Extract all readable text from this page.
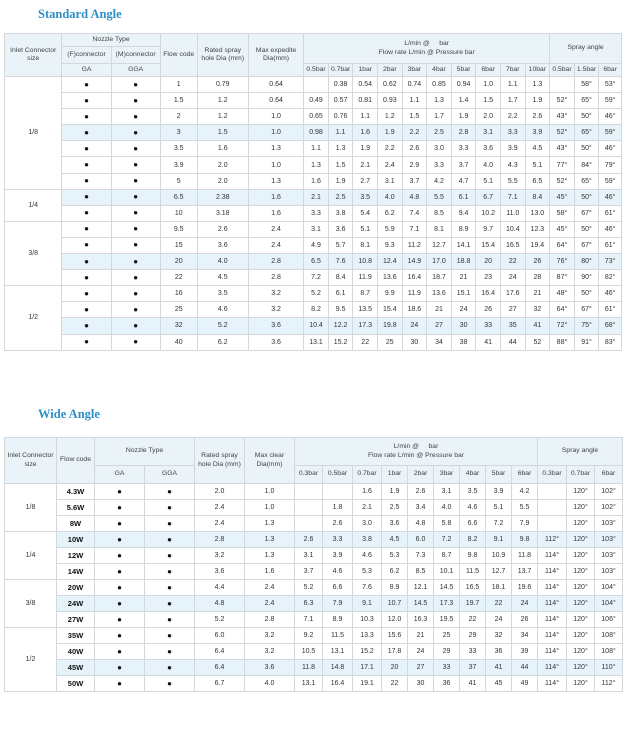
Standard Angle
Inlet Connector size	Nozzle Type		Flow code	Rated spray hole Dia (mm)	Max expedite Dia(mm)	L/min @     bar
Flow rate L/min @ Pressure bar										Spray angle		
	(F)connector	(M)connector																
	GA	GGA				0.5bar	0.7bar	1bar	2bar	3bar	4bar	5bar	6bar	7bar	10bar	0.5bar	1.5bar	6bar
1/8	●	●	1	0.79	0.64		0.38	0.54	0.62	0.74	0.85	0.94	1.0	1.1	1.3		58°	53°
	●	●	1.5	1.2	0.64	0.49	0.57	0.81	0.93	1.1	1.3	1.4	1.5	1.7	1.9	52°	65°	59°
	●	●	2	1.2	1.0	0.65	0.76	1.1	1.2	1.5	1.7	1.9	2.0	2.2	2.6	43°	50°	46°
	●	●	3	1.5	1.0	0.98	1.1	1.6	1.9	2.2	2.5	2.8	3.1	3.3	3.9	52°	65°	59°
	●	●	3.5	1.6	1.3	1.1	1.3	1.9	2.2	2.6	3.0	3.3	3.6	3.9	4.5	43°	50°	46°
	●	●	3.9	2.0	1.0	1.3	1.5	2.1	2.4	2.9	3.3	3.7	4.0	4.3	5.1	77°	84°	79°
	●	●	5	2.0	1.3	1.6	1.9	2.7	3.1	3.7	4.2	4.7	5.1	5.5	6.5	52°	65°	59°
1/4	●	●	6.5	2.38	1.6	2.1	2.5	3.5	4.0	4.8	5.5	6.1	6.7	7.1	8.4	45°	50°	46°
	●	●	10	3.18	1.6	3.3	3.8	5.4	6.2	7.4	8.5	9.4	10.2	11.0	13.0	58°	67°	61°
3/8	●	●	9.5	2.6	2.4	3.1	3.6	5.1	5.9	7.1	8.1	8.9	9.7	10.4	12.3	45°	50°	46°
	●	●	15	3.6	2.4	4.9	5.7	8.1	9.3	11.2	12.7	14.1	15.4	16.5	19.4	64°	67°	61°
	●	●	20	4.0	2.8	6.5	7.6	10.8	12.4	14.9	17.0	18.8	20	22	26	76°	80°	73°
	●	●	22	4.5	2.8	7.2	8.4	11.9	13.6	16.4	18.7	21	23	24	28	87°	90°	82°
1/2	●	●	16	3.5	3.2	5.2	6.1	8.7	9.9	11.9	13.6	15.1	16.4	17.6	21	48°	50°	46°
	●	●	25	4.6	3.2	8.2	9.5	13.5	15.4	18.6	21	24	26	27	32	64°	67°	61°
	●	●	32	5.2	3.6	10.4	12.2	17.3	19.8	24	27	30	33	35	41	72°	75°	68°
	●	●	40	6.2	3.6	13.1	15.2	22	25	30	34	38	41	44	52	88°	91°	83°
Wide Angle
Inlet Connector size	Flow code	Nozzle Type		Rated spray hole Dia (mm)	Max clear Dia(mm)	L/min @     bar
Flow rate L/min @ Pressure bar									Spray angle		

		GA	GGA			0.3bar	0.5bar	0.7bar	1bar	2bar	3bar	4bar	5bar	6bar	0.3bar	0.7bar	6bar
1/8	4.3W	●	●	2.0	1.0			1.6	1.9	2.6	3.1	3.5	3.9	4.2		120°	102°
	5.6W	●	●	2.4	1.0		1.8	2.1	2.5	3.4	4.0	4.6	5.1	5.5		120°	102°
	8W	●	●	2.4	1.3		2.6	3.0	3.6	4.8	5.8	6.6	7.2	7.9		120°	103°
1/4	10W	●	●	2.8	1.3	2.6	3.3	3.8	4.5	6.0	7.2	8.2	9.1	9.8	112°	120°	103°
	12W	●	●	3.2	1.3	3.1	3.9	4.6	5.3	7.3	8.7	9.8	10.9	11.8	114°	120°	103°
	14W	●	●	3.6	1.6	3.7	4.6	5.3	6.2	8.5	10.1	11.5	12.7	13.7	114°	120°	103°
3/8	20W	●	●	4.4	2.4	5.2	6.6	7.6	8.9	12.1	14.5	16.5	18.1	19.6	114°	120°	104°
	24W	●	●	4.8	2.4	6.3	7.9	9.1	10.7	14.5	17.3	19.7	22	24	114°	120°	104°
	27W	●	●	5.2	2.8	7.1	8.9	10.3	12.0	16.3	19.5	22	24	26	114°	120°	106°
1/2	35W	●	●	6.0	3.2	9.2	11.5	13.3	15.6	21	25	29	32	34	114°	120°	108°
	40W	●	●	6.4	3.2	10.5	13.1	15.2	17.8	24	29	33	36	39	114°	120°	108°
	45W	●	●	6.4	3.6	11.8	14.8	17.1	20	27	33	37	41	44	114°	120°	110°
	50W	●	●	6.7	4.0	13.1	16.4	19.1	22	30	36	41	45	49	114°	120°	112°
